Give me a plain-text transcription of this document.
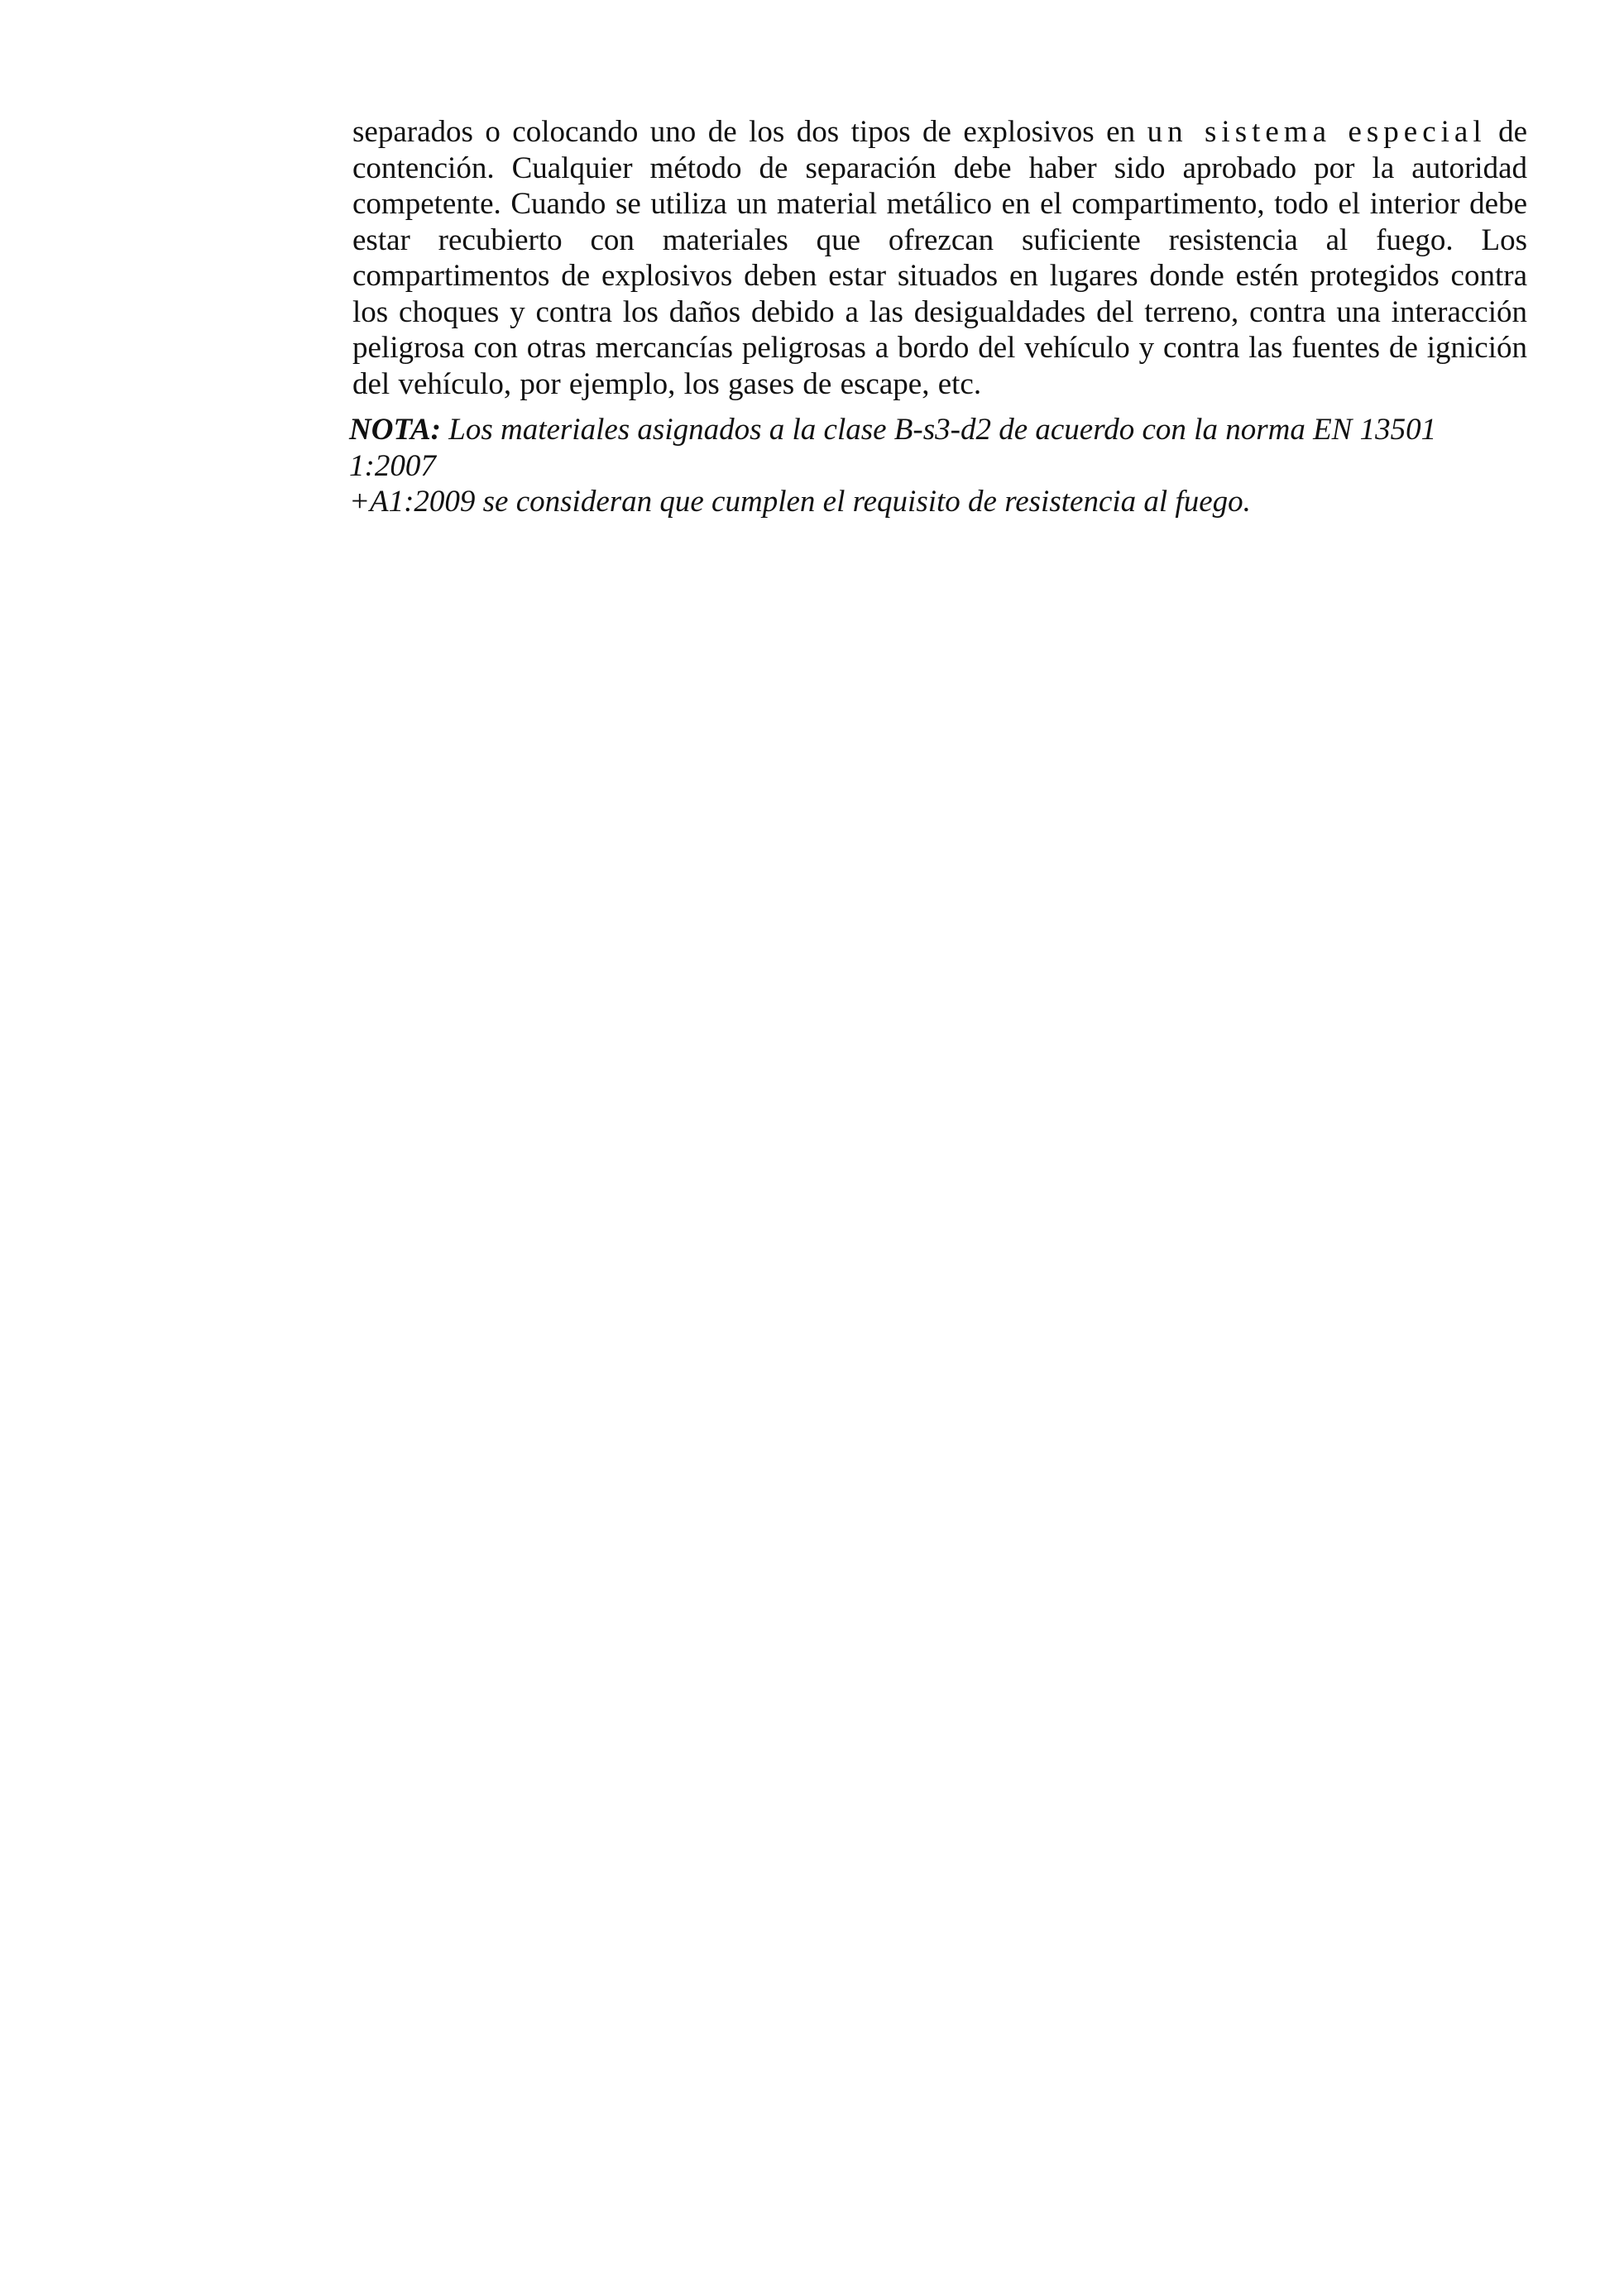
separados o colocando uno de los dos tipos de explosivos en un sistema especial de contención. Cualquier método de separación debe haber sido aprobado por la autoridad competente. Cuando se utiliza un material metálico en el compartimento, todo el interior debe estar recubierto con materiales que ofrezcan suficiente resistencia al fuego. Los compartimentos de explosivos deben estar situados en lugares donde estén protegidos contra los choques y contra los daños debido a las desigualdades del terreno, contra una interacción peligrosa con otras mercancías peligrosas a bordo del vehículo y contra las fuentes de ignición del vehículo, por ejemplo, los gases de escape, etc.

NOTA: Los materiales asignados a la clase B-s3-d2 de acuerdo con la norma EN 13501 1:2007
+A1:2009 se consideran que cumplen el requisito de resistencia al fuego.
